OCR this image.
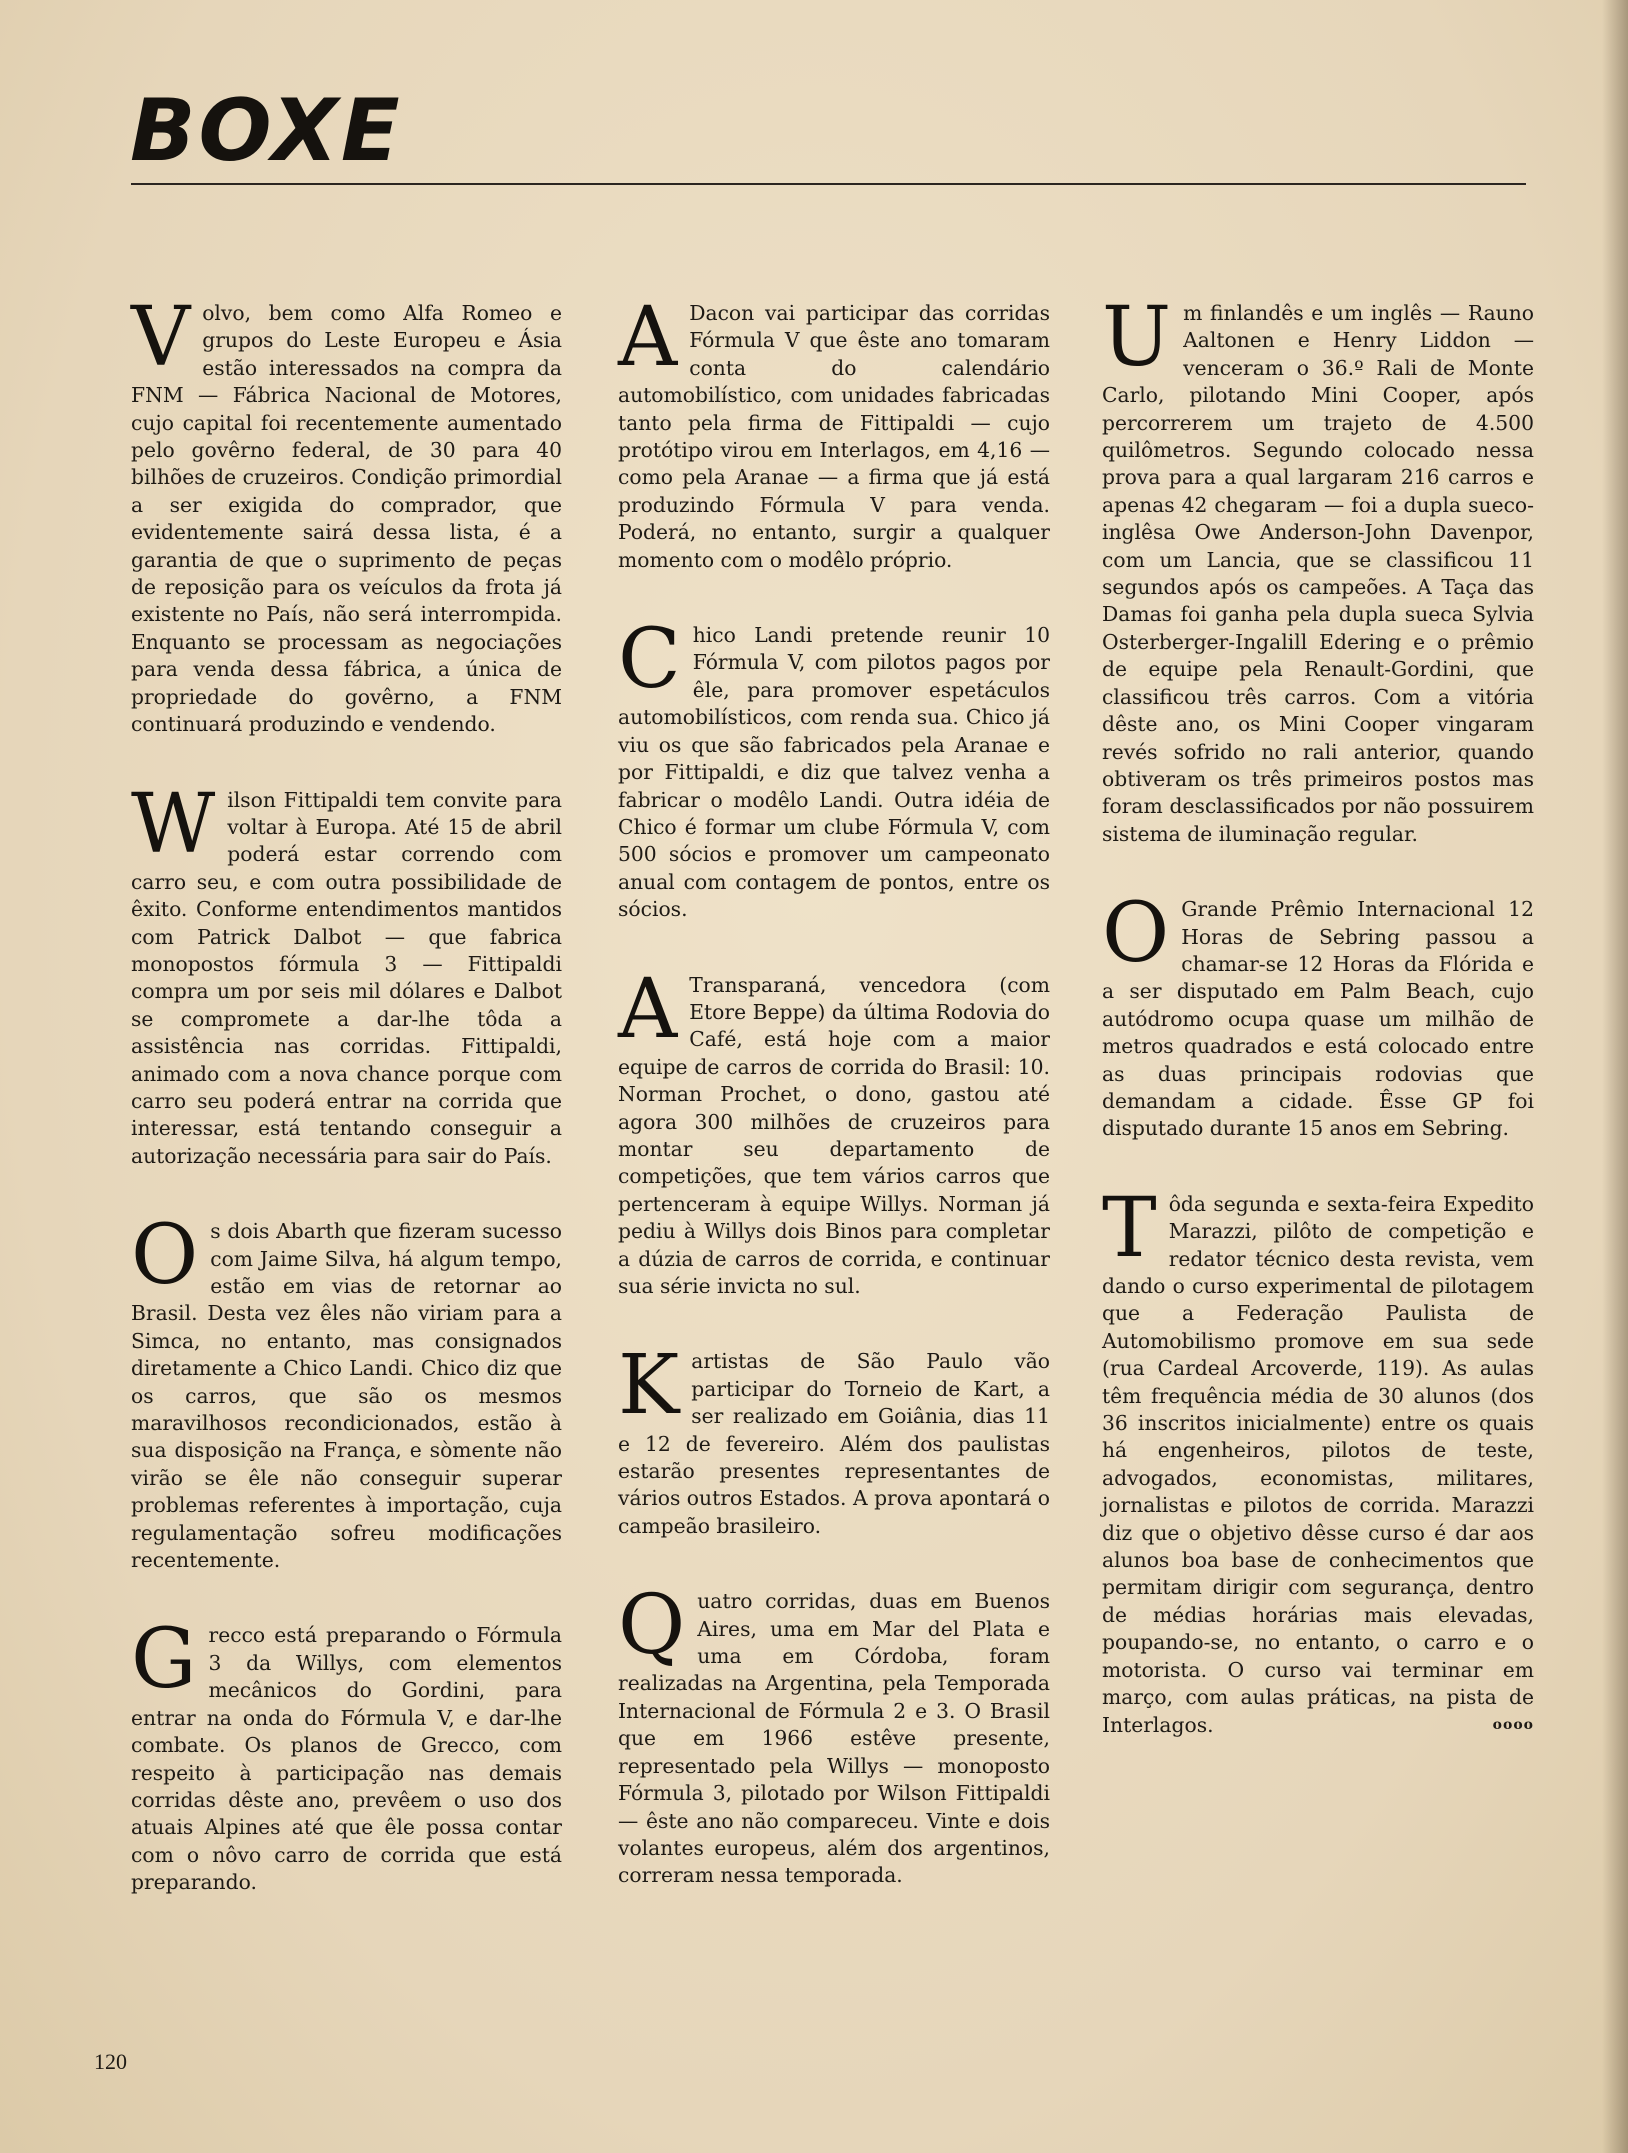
BOXE

V olvo, bem como Alfa Romeo e grupos do Leste Europeu e Ásia estão interessados na compra da FNM — Fábrica Nacional de Motores, cujo capital foi recentemente aumentado pelo govêrno federal, de 30 para 40 bilhões de cruzeiros. Condição primordial a ser exigida do comprador, que evidentemente sairá dessa lista, é a garantia de que o suprimento de peças de reposição para os veículos da frota já existente no País, não será interrompida. Enquanto se processam as negociações para venda dessa fábrica, a única de propriedade do govêrno, a FNM continuará produzindo e vendendo.

W ilson Fittipaldi tem convite para voltar à Europa. Até 15 de abril poderá estar correndo com carro seu, e com outra possibilidade de êxito. Conforme entendimentos mantidos com Patrick Dalbot — que fabrica monopostos fórmula 3 — Fittipaldi compra um por seis mil dólares e Dalbot se compromete a dar-lhe tôda a assistência nas corridas. Fittipaldi, animado com a nova chance porque com carro seu poderá entrar na corrida que interessar, está tentando conseguir a autorização necessária para sair do País.

O s dois Abarth que fizeram sucesso com Jaime Silva, há algum tempo, estão em vias de retornar ao Brasil. Desta vez êles não viriam para a Simca, no entanto, mas consignados diretamente a Chico Landi. Chico diz que os carros, que são os mesmos maravilhosos recondicionados, estão à sua disposição na França, e sòmente não virão se êle não conseguir superar problemas referentes à importação, cuja regulamentação sofreu modificações recentemente.

G recco está preparando o Fórmula 3 da Willys, com elementos mecânicos do Gordini, para entrar na onda do Fórmula V, e dar-lhe combate. Os planos de Grecco, com respeito à participação nas demais corridas dêste ano, prevêem o uso dos atuais Alpines até que êle possa contar com o nôvo carro de corrida que está preparando.

A Dacon vai participar das corridas Fórmula V que êste ano tomaram conta do calendário automobilístico, com unidades fabricadas tanto pela firma de Fittipaldi — cujo protótipo virou em Interlagos, em 4,16 — como pela Aranae — a firma que já está produzindo Fórmula V para venda. Poderá, no entanto, surgir a qualquer momento com o modêlo próprio.

C hico Landi pretende reunir 10 Fórmula V, com pilotos pagos por êle, para promover espetáculos automobilísticos, com renda sua. Chico já viu os que são fabricados pela Aranae e por Fittipaldi, e diz que talvez venha a fabricar o modêlo Landi. Outra idéia de Chico é formar um clube Fórmula V, com 500 sócios e promover um campeonato anual com contagem de pontos, entre os sócios.

A Transparaná, vencedora (com Etore Beppe) da última Rodovia do Café, está hoje com a maior equipe de carros de corrida do Brasil: 10. Norman Prochet, o dono, gastou até agora 300 milhões de cruzeiros para montar seu departamento de competições, que tem vários carros que pertenceram à equipe Willys. Norman já pediu à Willys dois Binos para completar a dúzia de carros de corrida, e continuar sua série invicta no sul.

K artistas de São Paulo vão participar do Torneio de Kart, a ser realizado em Goiânia, dias 11 e 12 de fevereiro. Além dos paulistas estarão presentes representantes de vários outros Estados. A prova apontará o campeão brasileiro.

Q uatro corridas, duas em Buenos Aires, uma em Mar del Plata e uma em Córdoba, foram realizadas na Argentina, pela Temporada Internacional de Fórmula 2 e 3. O Brasil que em 1966 estêve presente, representado pela Willys — monoposto Fórmula 3, pilotado por Wilson Fittipaldi — êste ano não compareceu. Vinte e dois volantes europeus, além dos argentinos, correram nessa temporada.

U m finlandês e um inglês — Rauno Aaltonen e Henry Liddon — venceram o 36.º Rali de Monte Carlo, pilotando Mini Cooper, após percorrerem um trajeto de 4.500 quilômetros. Segundo colocado nessa prova para a qual largaram 216 carros e apenas 42 chegaram — foi a dupla sueco-inglêsa Owe Anderson-John Davenpor, com um Lancia, que se classificou 11 segundos após os campeões. A Taça das Damas foi ganha pela dupla sueca Sylvia Osterberger-Ingalill Edering e o prêmio de equipe pela Renault-Gordini, que classificou três carros. Com a vitória dêste ano, os Mini Cooper vingaram revés sofrido no rali anterior, quando obtiveram os três primeiros postos mas foram desclassificados por não possuirem sistema de iluminação regular.

O Grande Prêmio Internacional 12 Horas de Sebring passou a chamar-se 12 Horas da Flórida e a ser disputado em Palm Beach, cujo autódromo ocupa quase um milhão de metros quadrados e está colocado entre as duas principais rodovias que demandam a cidade. Êsse GP foi disputado durante 15 anos em Sebring.

T ôda segunda e sexta-feira Expedito Marazzi, pilôto de competição e redator técnico desta revista, vem dando o curso experimental de pilotagem que a Federação Paulista de Automobilismo promove em sua sede (rua Cardeal Arcoverde, 119). As aulas têm frequência média de 30 alunos (dos 36 inscritos inicialmente) entre os quais há engenheiros, pilotos de teste, advogados, economistas, militares, jornalistas e pilotos de corrida. Marazzi diz que o objetivo dêsse curso é dar aos alunos boa base de conhecimentos que permitam dirigir com segurança, dentro de médias horárias mais elevadas, poupando-se, no entanto, o carro e o motorista. O curso vai terminar em março, com aulas práticas, na pista de Interlagos.	oooo

120
